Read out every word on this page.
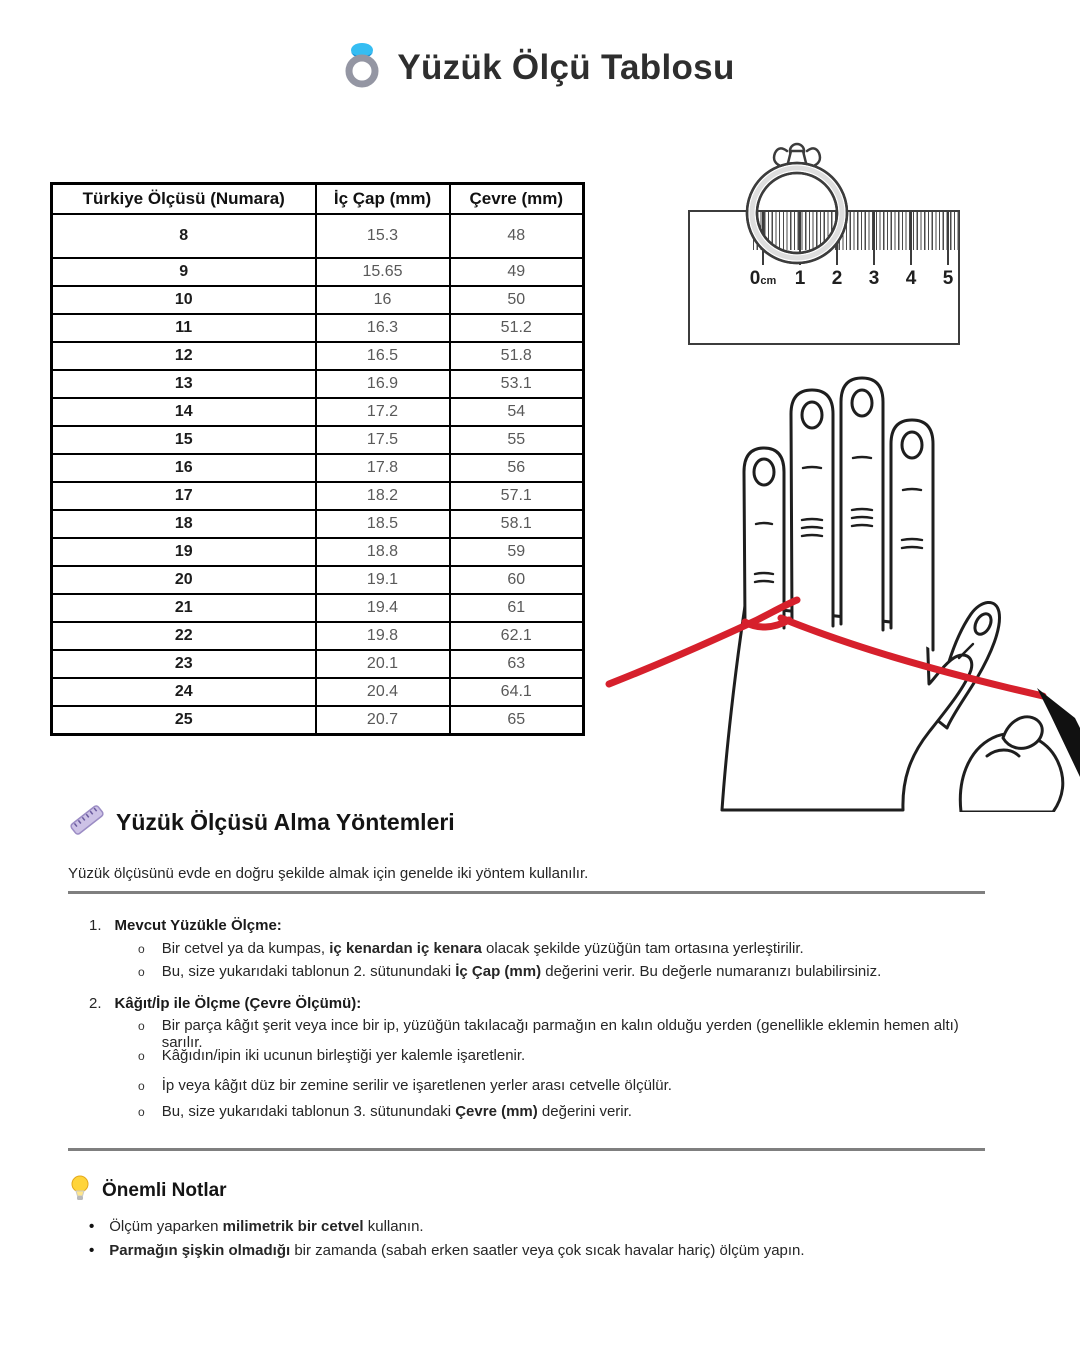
Yüzük Ölçü Tablosu
Türkiye Ölçüsü (Numara)	İç Çap (mm)	Çevre (mm)
8	15.3	48
9	15.65	49
10	16	50
11	16.3	51.2
12	16.5	51.8
13	16.9	53.1
14	17.2	54
15	17.5	55
16	17.8	56
17	18.2	57.1
18	18.5	58.1
19	18.8	59
20	19.1	60
21	19.4	61
22	19.8	62.1
23	20.1	63
24	20.4	64.1
25	20.7	65
0cm 1	2	3	4	5
Yüzük Ölçüsü Alma Yöntemleri

Yüzük ölçüsünü evde en doğru şekilde almak için genelde iki yöntem kullanılır.

1. Mevcut Yüzükle Ölçme:
o Bir cetvel ya da kumpas, iç kenardan iç kenara olacak şekilde yüzüğün tam ortasına yerleştirilir.
o Bu, size yukarıdaki tablonun 2. sütunundaki İç Çap (mm) değerini verir. Bu değerle numaranızı bulabilirsiniz.
2. Kâğıt/İp ile Ölçme (Çevre Ölçümü):
o Bir parça kâğıt şerit veya ince bir ip, yüzüğün takılacağı parmağın en kalın olduğu yerden (genellikle eklemin hemen altı) sarılır.
o Kâğıdın/ipin iki ucunun birleştiği yer kalemle işaretlenir.
o İp veya kâğıt düz bir zemine serilir ve işaretlenen yerler arası cetvelle ölçülür.
o Bu, size yukarıdaki tablonun 3. sütunundaki Çevre (mm) değerini verir.
Önemli Notlar
• Ölçüm yaparken milimetrik bir cetvel kullanın.
• Parmağın şişkin olmadığı bir zamanda (sabah erken saatler veya çok sıcak havalar hariç) ölçüm yapın.
